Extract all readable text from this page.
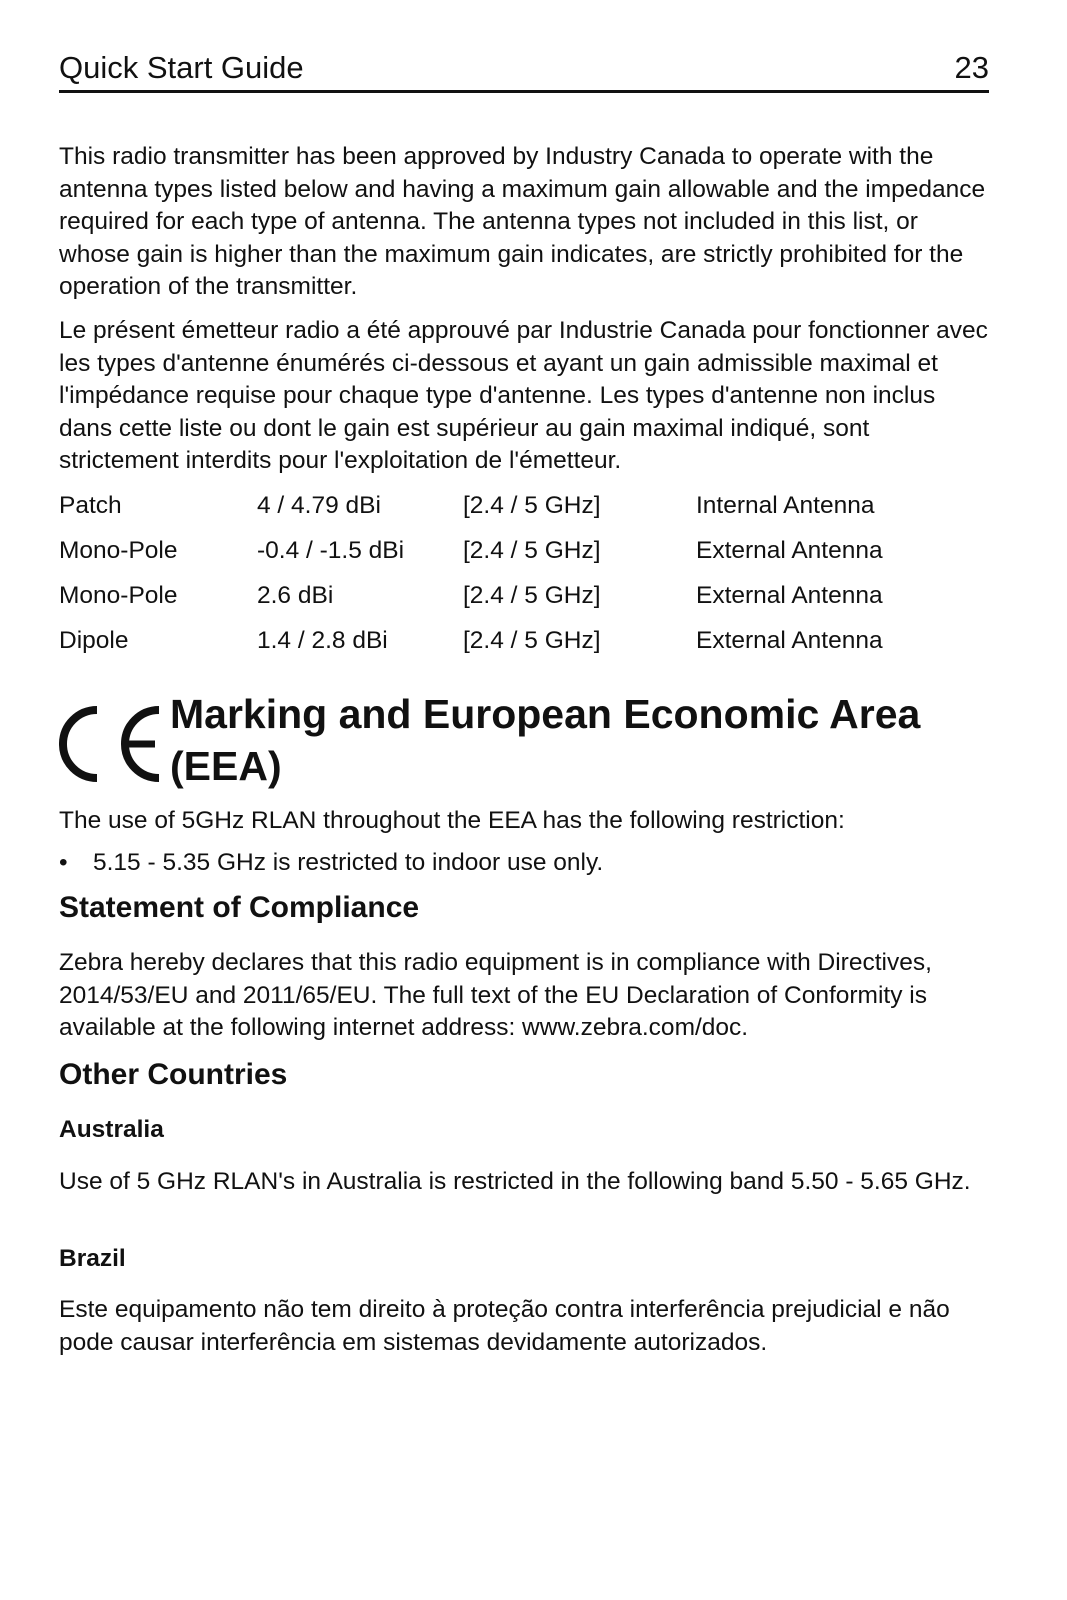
Quick Start Guide	23

This radio transmitter has been approved by Industry Canada to operate with the antenna types listed below and having a maximum gain allowable and the impedance required for each type of antenna. The antenna types not included in this list, or whose gain is higher than the maximum gain indicates, are strictly prohibited for the operation of the transmitter.

Le présent émetteur radio a été approuvé par Industrie Canada pour fonctionner avec les types d'antenne énumérés ci-dessous et ayant un gain admissible maximal et l'impédance requise pour chaque type d'antenne. Les types d'antenne non inclus dans cette liste ou dont le gain est supérieur au gain maximal indiqué, sont strictement interdits pour l'exploitation de l'émetteur.

Patch	4 / 4.79 dBi	[2.4 / 5 GHz]	Internal Antenna
Mono-Pole	-0.4 / -1.5 dBi [2.4 / 5 GHz]	External Antenna
Mono-Pole	2.6 dBi	[2.4 / 5 GHz]	External Antenna
Dipole	1.4 / 2.8 dBi	[2.4 / 5 GHz]	External Antenna
Marking and European Economic Area
(EEA)

The use of 5GHz RLAN throughout the EEA has the following restriction:

• 5.15 - 5.35 GHz is restricted to indoor use only.
Statement of Compliance

Zebra hereby declares that this radio equipment is in compliance with Directives, 2014/53/EU and 2011/65/EU. The full text of the EU Declaration of Conformity is available at the following internet address: www.zebra.com/doc.

Other Countries
Australia

Use of 5 GHz RLAN's in Australia is restricted in the following band 5.50 - 5.65 GHz.

Brazil

Este equipamento não tem direito à proteção contra interferência prejudicial e não pode causar interferência em sistemas devidamente autorizados.
